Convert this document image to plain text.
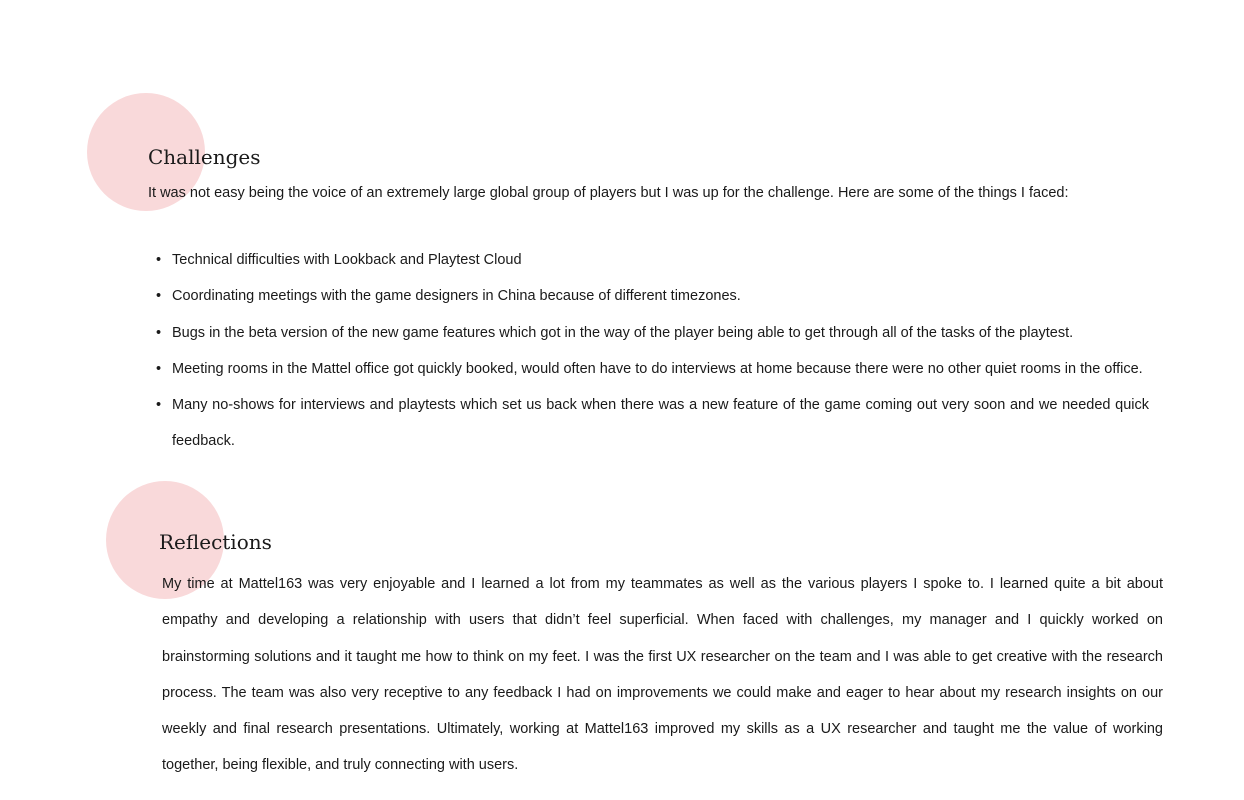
Challenges

It was not easy being the voice of an extremely large global group of players but I was up for the challenge. Here are some of the things I faced:

• Technical difficulties with Lookback and Playtest Cloud
• Coordinating meetings with the game designers in China because of different timezones.
• Bugs in the beta version of the new game features which got in the way of the player being able to get through all of the tasks of the playtest.
• Meeting rooms in the Mattel office got quickly booked, would often have to do interviews at home because there were no other quiet rooms in the office.
• Many no-shows for interviews and playtests which set us back when there was a new feature of the game coming out very soon and we needed quick feedback.
Reflections

My time at Mattel163 was very enjoyable and I learned a lot from my teammates as well as the various players I spoke to. I learned quite a bit about empathy and developing a relationship with users that didn’t feel superficial. When faced with challenges, my manager and I quickly worked on brainstorming solutions and it taught me how to think on my feet. I was the first UX researcher on the team and I was able to get creative with the research process. The team was also very receptive to any feedback I had on improvements we could make and eager to hear about my research insights on our weekly and final research presentations. Ultimately, working at Mattel163 improved my skills as a UX researcher and taught me the value of working together, being flexible, and truly connecting with users.
